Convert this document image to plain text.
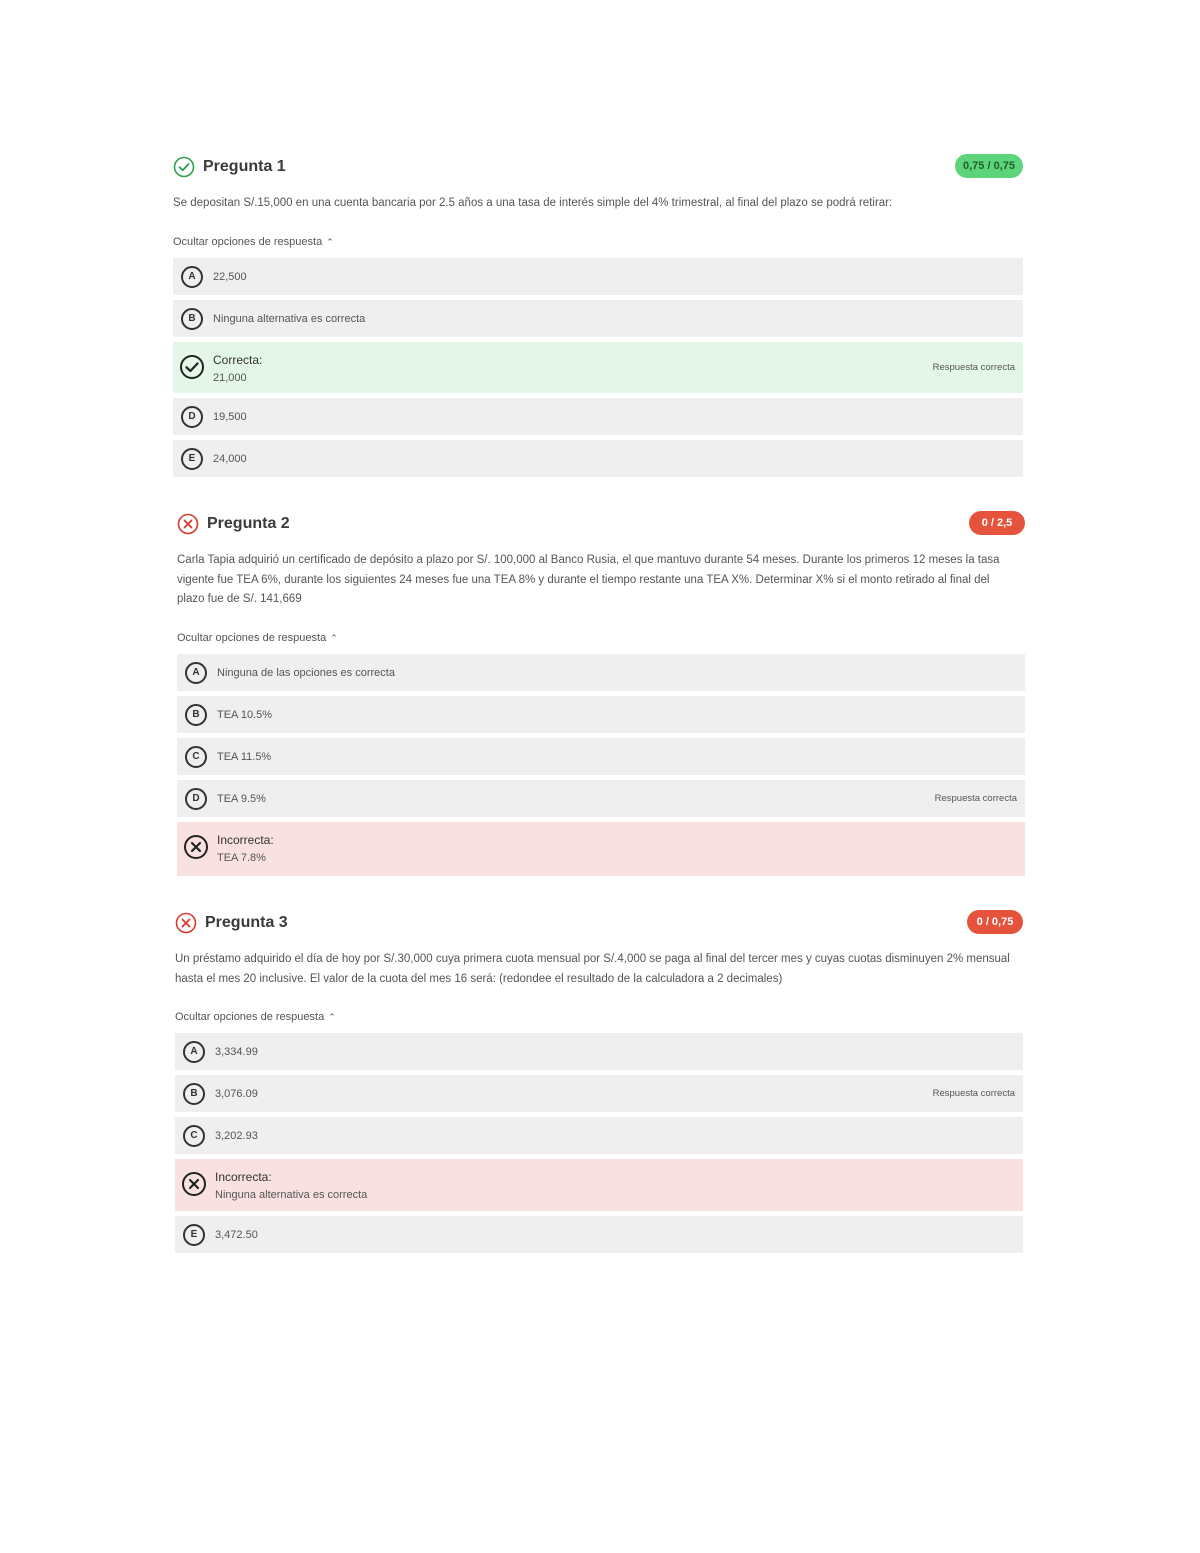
Pregunta 1	0,75 / 0,75
Se depositan S/.15,000 en una cuenta bancaria por 2.5 años a una tasa de interés simple del 4% trimestral, al final del plazo se podrá retirar:
Ocultar opciones de respuesta ⌃
A	22,500
B	Ninguna alternativa es correcta
Correcta:
21,000
Respuesta correcta
D	19,500
E	24,000
Pregunta 2	0 / 2,5
Carla Tapia adquirió un certificado de depósito a plazo por S/. 100,000 al Banco Rusia, el que mantuvo durante 54 meses. Durante los primeros 12 meses la tasa vigente fue TEA 6%, durante los siguientes 24 meses fue una TEA 8% y durante el tiempo restante una TEA X%. Determinar X% si el monto retirado al final del plazo fue de S/. 141,669
Ocultar opciones de respuesta ⌃
A	Ninguna de las opciones es correcta
B	TEA 10.5%
C	TEA 11.5%
D	TEA 9.5%	Respuesta correcta
Incorrecta:
TEA 7.8%
Pregunta 3	0 / 0,75
Un préstamo adquirido el día de hoy por S/.30,000 cuya primera cuota mensual por S/.4,000 se paga al final del tercer mes y cuyas cuotas disminuyen 2% mensual hasta el mes 20 inclusive. El valor de la cuota del mes 16 será: (redondee el resultado de la calculadora a 2 decimales)
Ocultar opciones de respuesta ⌃
A	3,334.99
B	3,076.09	Respuesta correcta
C	3,202.93
Incorrecta:
Ninguna alternativa es correcta
E	3,472.50
